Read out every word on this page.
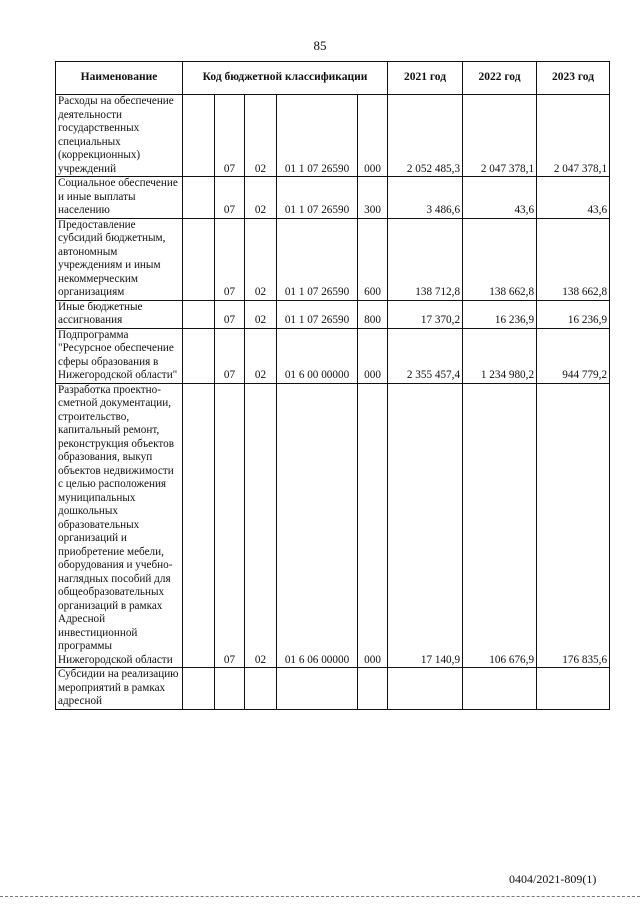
85
Наименование	Код бюджетной классификации					2021 год	2022 год	2023 год
Расходы на обеспечение деятельности государственных специальных (коррекционных) учреждений		07	02	01 1 07 26590	000	2 052 485,3	2 047 378,1	2 047 378,1
Социальное обеспечение и иные выплаты населению		07	02	01 1 07 26590	300	3 486,6	43,6	43,6
Предоставление субсидий бюджетным, автономным учреждениям и иным некоммерческим организациям		07	02	01 1 07 26590	600	138 712,8	138 662,8	138 662,8
Иные бюджетные ассигнования		07	02	01 1 07 26590	800	17 370,2	16 236,9	16 236,9
Подпрограмма "Ресурсное обеспечение сферы образования в Нижегородской области"		07	02	01 6 00 00000	000	2 355 457,4	1 234 980,2	944 779,2
Разработка проектно-сметной документации, строительство, капитальный ремонт, реконструкция объектов образования, выкуп объектов недвижимости с целью расположения муниципальных дошкольных образовательных организаций и приобретение мебели, оборудования и учебно-наглядных пособий для общеобразовательных организаций в рамках Адресной инвестиционной программы Нижегородской области		07	02	01 6 06 00000	000	17 140,9	106 676,9	176 835,6
Субсидии на реализацию мероприятий в рамках адресной								
0404/2021-809(1)
